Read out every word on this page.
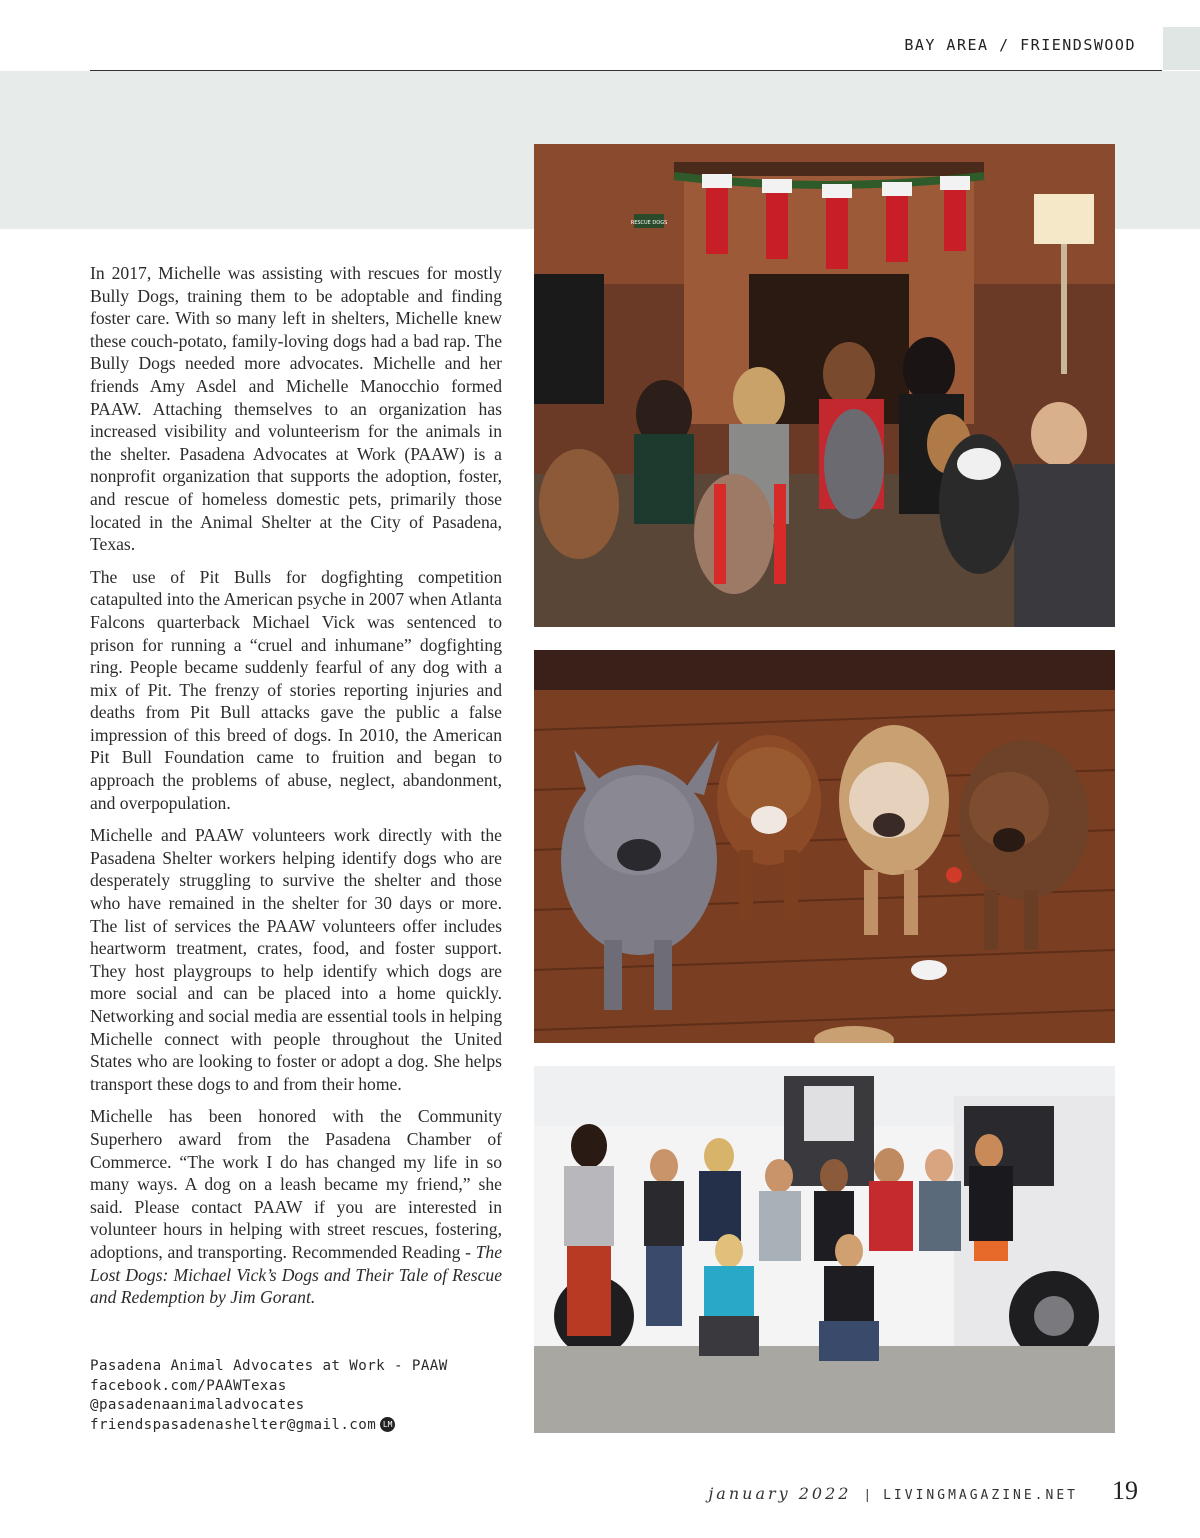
BAY AREA / FRIENDSWOOD

In 2017, Michelle was assisting with rescues for mostly Bully Dogs, training them to be adoptable and finding foster care. With so many left in shelters, Michelle knew these couch-potato, family-loving dogs had a bad rap. The Bully Dogs needed more advocates. Michelle and her friends Amy Asdel and Michelle Manocchio formed PAAW. Attaching themselves to an organization has increased visibility and volunteerism for the animals in the shelter. Pasadena Advocates at Work (PAAW) is a nonprofit organization that supports the adoption, foster, and rescue of homeless domestic pets, primarily those located in the Animal Shelter at the City of Pasadena, Texas.

The use of Pit Bulls for dogfighting competition catapulted into the American psyche in 2007 when Atlanta Falcons quarterback Michael Vick was sentenced to prison for running a “cruel and inhumane” dogfighting ring. People became suddenly fearful of any dog with a mix of Pit. The frenzy of stories reporting injuries and deaths from Pit Bull attacks gave the public a false impression of this breed of dogs. In 2010, the American Pit Bull Foundation came to fruition and began to approach the problems of abuse, neglect, abandonment, and overpopulation.

Michelle and PAAW volunteers work directly with the Pasadena Shelter workers helping identify dogs who are desperately struggling to survive the shelter and those who have remained in the shelter for 30 days or more. The list of services the PAAW volunteers offer includes heartworm treatment, crates, food, and foster support. They host playgroups to help identify which dogs are more social and can be placed into a home quickly. Networking and social media are essential tools in helping Michelle connect with people throughout the United States who are looking to foster or adopt a dog. She helps transport these dogs to and from their home.

Michelle has been honored with the Community Superhero award from the Pasadena Chamber of Commerce. “The work I do has changed my life in so many ways. A dog on a leash became my friend,” she said. Please contact PAAW if you are interested in volunteer hours in helping with street rescues, fostering, adoptions, and transporting. Recommended Reading - The Lost Dogs: Michael Vick’s Dogs and Their Tale of Rescue and Redemption by Jim Gorant.

Pasadena Animal Advocates at Work - PAAW
facebook.com/PAAWTexas
@pasadenaanimaladvocates
friendspasadenashelter@gmail.com LM
RESCUE DOGS
january 2022 | LIVINGMAGAZINE.NET 19
